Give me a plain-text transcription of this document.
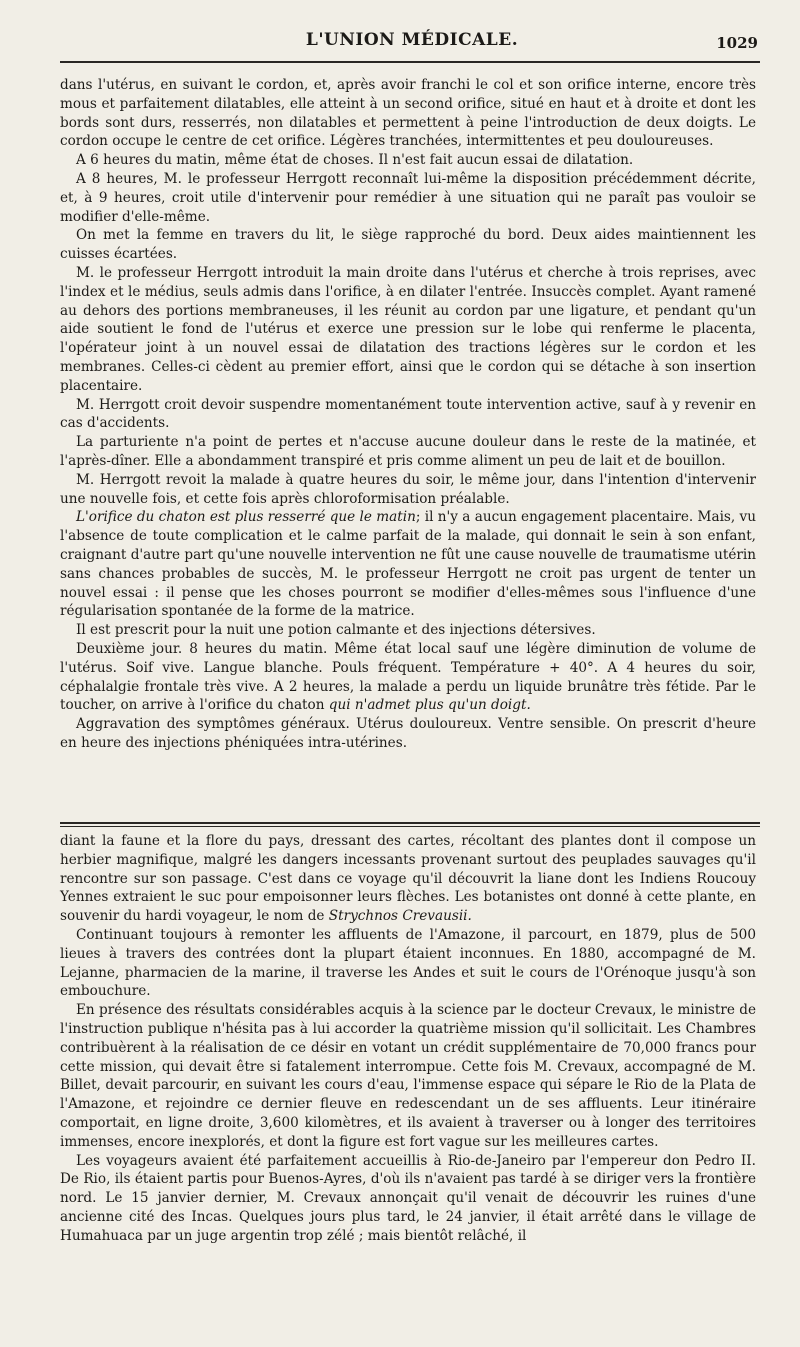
L'UNION MÉDICALE.	1029

dans l'utérus, en suivant le cordon, et, après avoir franchi le col et son orifice interne, encore très mous et parfaitement dilatables, elle atteint à un second orifice, situé en haut et à droite et dont les bords sont durs, resserrés, non dilatables et permettent à peine l'introduction de deux doigts. Le cordon occupe le centre de cet orifice. Légères tranchées, intermittentes et peu douloureuses.

A 6 heures du matin, même état de choses. Il n'est fait aucun essai de dilatation.

A 8 heures, M. le professeur Herrgott reconnaît lui-même la disposition précédemment décrite, et, à 9 heures, croit utile d'intervenir pour remédier à une situation qui ne paraît pas vouloir se modifier d'elle-même.

On met la femme en travers du lit, le siège rapproché du bord. Deux aides maintiennent les cuisses écartées.

M. le professeur Herrgott introduit la main droite dans l'utérus et cherche à trois reprises, avec l'index et le médius, seuls admis dans l'orifice, à en dilater l'entrée. Insuccès complet. Ayant ramené au dehors des portions membraneuses, il les réunit au cordon par une ligature, et pendant qu'un aide soutient le fond de l'utérus et exerce une pression sur le lobe qui renferme le placenta, l'opérateur joint à un nouvel essai de dilatation des tractions légères sur le cordon et les membranes. Celles-ci cèdent au premier effort, ainsi que le cordon qui se détache à son insertion placentaire.

M. Herrgott croit devoir suspendre momentanément toute intervention active, sauf à y revenir en cas d'accidents.

La parturiente n'a point de pertes et n'accuse aucune douleur dans le reste de la matinée, et l'après-dîner. Elle a abondamment transpiré et pris comme aliment un peu de lait et de bouillon.

M. Herrgott revoit la malade à quatre heures du soir, le même jour, dans l'intention d'intervenir une nouvelle fois, et cette fois après chloroformisation préalable.

L'orifice du chaton est plus resserré que le matin; il n'y a aucun engagement placentaire. Mais, vu l'absence de toute complication et le calme parfait de la malade, qui donnait le sein à son enfant, craignant d'autre part qu'une nouvelle intervention ne fût une cause nouvelle de traumatisme utérin sans chances probables de succès, M. le professeur Herrgott ne croit pas urgent de tenter un nouvel essai : il pense que les choses pourront se modifier d'elles-mêmes sous l'influence d'une régularisation spontanée de la forme de la matrice.

Il est prescrit pour la nuit une potion calmante et des injections détersives.

Deuxième jour. 8 heures du matin. Même état local sauf une légère diminution de volume de l'utérus. Soif vive. Langue blanche. Pouls fréquent. Température + 40°. A 4 heures du soir, céphalalgie frontale très vive. A 2 heures, la malade a perdu un liquide brunâtre très fétide. Par le toucher, on arrive à l'orifice du chaton qui n'admet plus qu'un doigt.

Aggravation des symptômes généraux. Utérus douloureux. Ventre sensible. On prescrit d'heure en heure des injections phéniquées intra-utérines.

diant la faune et la flore du pays, dressant des cartes, récoltant des plantes dont il compose un herbier magnifique, malgré les dangers incessants provenant surtout des peuplades sauvages qu'il rencontre sur son passage. C'est dans ce voyage qu'il découvrit la liane dont les Indiens Roucouy Yennes extraient le suc pour empoisonner leurs flèches. Les botanistes ont donné à cette plante, en souvenir du hardi voyageur, le nom de Strychnos Crevausii.

Continuant toujours à remonter les affluents de l'Amazone, il parcourt, en 1879, plus de 500 lieues à travers des contrées dont la plupart étaient inconnues. En 1880, accompagné de M. Lejanne, pharmacien de la marine, il traverse les Andes et suit le cours de l'Orénoque jusqu'à son embouchure.

En présence des résultats considérables acquis à la science par le docteur Crevaux, le ministre de l'instruction publique n'hésita pas à lui accorder la quatrième mission qu'il sollicitait. Les Chambres contribuèrent à la réalisation de ce désir en votant un crédit supplémentaire de 70,000 francs pour cette mission, qui devait être si fatalement interrompue. Cette fois M. Crevaux, accompagné de M. Billet, devait parcourir, en suivant les cours d'eau, l'immense espace qui sépare le Rio de la Plata de l'Amazone, et rejoindre ce dernier fleuve en redescendant un de ses affluents. Leur itinéraire comportait, en ligne droite, 3,600 kilomètres, et ils avaient à traverser ou à longer des territoires immenses, encore inexplorés, et dont la figure est fort vague sur les meilleures cartes.

Les voyageurs avaient été parfaitement accueillis à Rio-de-Janeiro par l'empereur don Pedro II. De Rio, ils étaient partis pour Buenos-Ayres, d'où ils n'avaient pas tardé à se diriger vers la frontière nord. Le 15 janvier dernier, M. Crevaux annonçait qu'il venait de découvrir les ruines d'une ancienne cité des Incas. Quelques jours plus tard, le 24 janvier, il était arrêté dans le village de Humahuaca par un juge argentin trop zélé ; mais bientôt relâché, il
